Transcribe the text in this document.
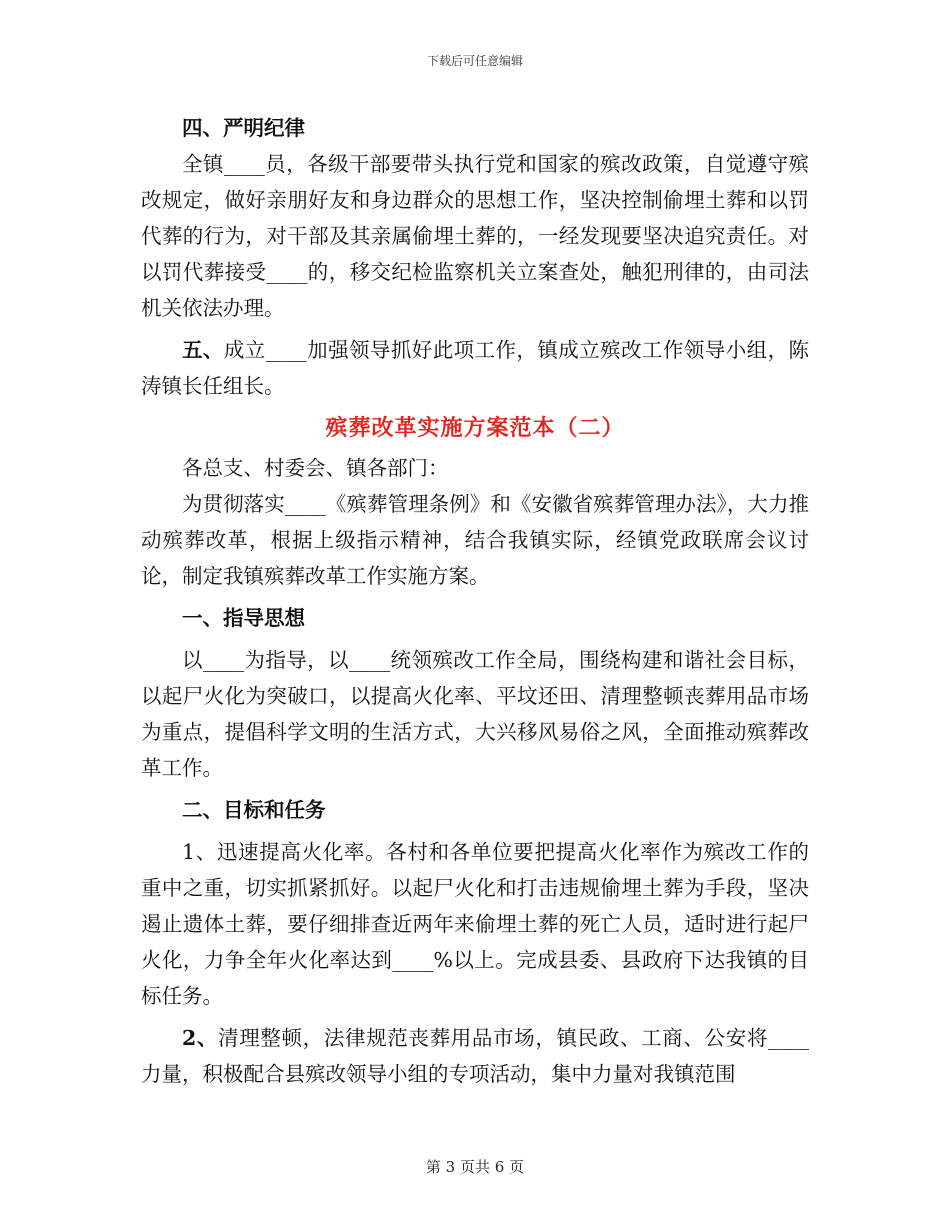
下载后可任意编辑

四、严明纪律

全镇____员，各级干部要带头执行党和国家的殡改政策，自觉遵守殡改规定，做好亲朋好友和身边群众的思想工作，坚决控制偷埋土葬和以罚代葬的行为，对干部及其亲属偷埋土葬的，一经发现要坚决追究责任。对以罚代葬接受____的，移交纪检监察机关立案查处，触犯刑律的，由司法机关依法办理。

五、成立____加强领导抓好此项工作，镇成立殡改工作领导小组，陈涛镇长任组长。

殡葬改革实施方案范本（二）

各总支、村委会、镇各部门：

为贯彻落实____《殡葬管理条例》和《安徽省殡葬管理办法》，大力推动殡葬改革，根据上级指示精神，结合我镇实际，经镇党政联席会议讨论，制定我镇殡葬改革工作实施方案。

一、指导思想

以____为指导，以____统领殡改工作全局，围绕构建和谐社会目标，以起尸火化为突破口，以提高火化率、平坟还田、清理整顿丧葬用品市场为重点，提倡科学文明的生活方式，大兴移风易俗之风，全面推动殡葬改革工作。

二、目标和任务

1、迅速提高火化率。各村和各单位要把提高火化率作为殡改工作的重中之重，切实抓紧抓好。以起尸火化和打击违规偷埋土葬为手段，坚决遏止遗体土葬，要仔细排查近两年来偷埋土葬的死亡人员，适时进行起尸火化，力争全年火化率达到____%以上。完成县委、县政府下达我镇的目标任务。

2、清理整顿，法律规范丧葬用品市场，镇民政、工商、公安将____力量，积极配合县殡改领导小组的专项活动，集中力量对我镇范围

第 3 页共 6 页
